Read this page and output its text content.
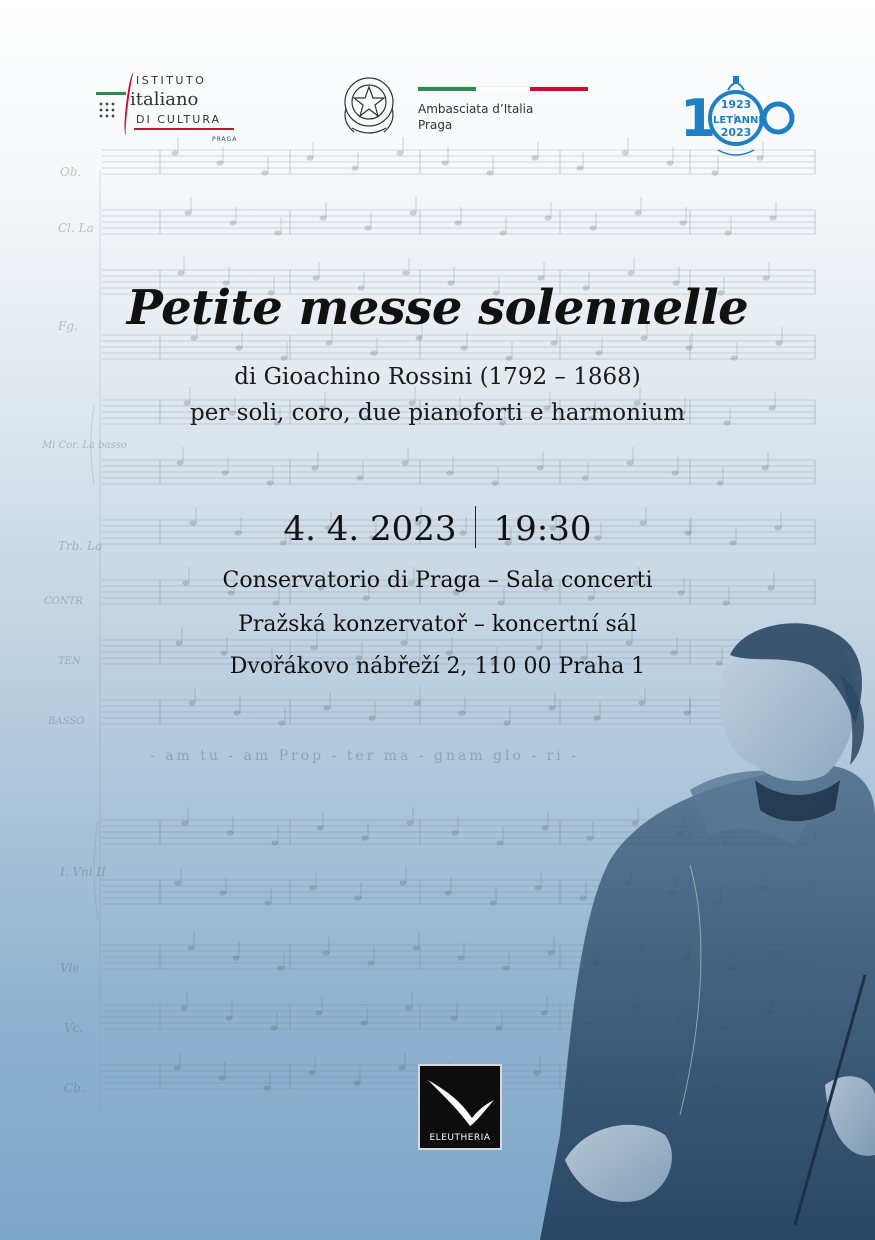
Ob.
Cl. La
Fg.
Mi Cor. La basso
Trb. La
CONTR
TEN
BASSO
I. Vni II
Vle
Vc.
Cb.
- am tu - am Prop - ter ma - gnam glo - ri -
ISTITUTO
italiano
DI CULTURA
PRAGA
Ambasciata d’Italia
Praga	1 1923
LET ANNI
2023
Petite messe solennelle
di Gioachino Rossini (1792 – 1868)
per soli, coro, due pianoforti e harmonium
4. 4. 2023 19:30
Conservatorio di Praga – Sala concerti
Pražská konzervatoř – koncertní sál
Dvořákovo nábřeží 2, 110 00 Praha 1
ELEUTHERIA
